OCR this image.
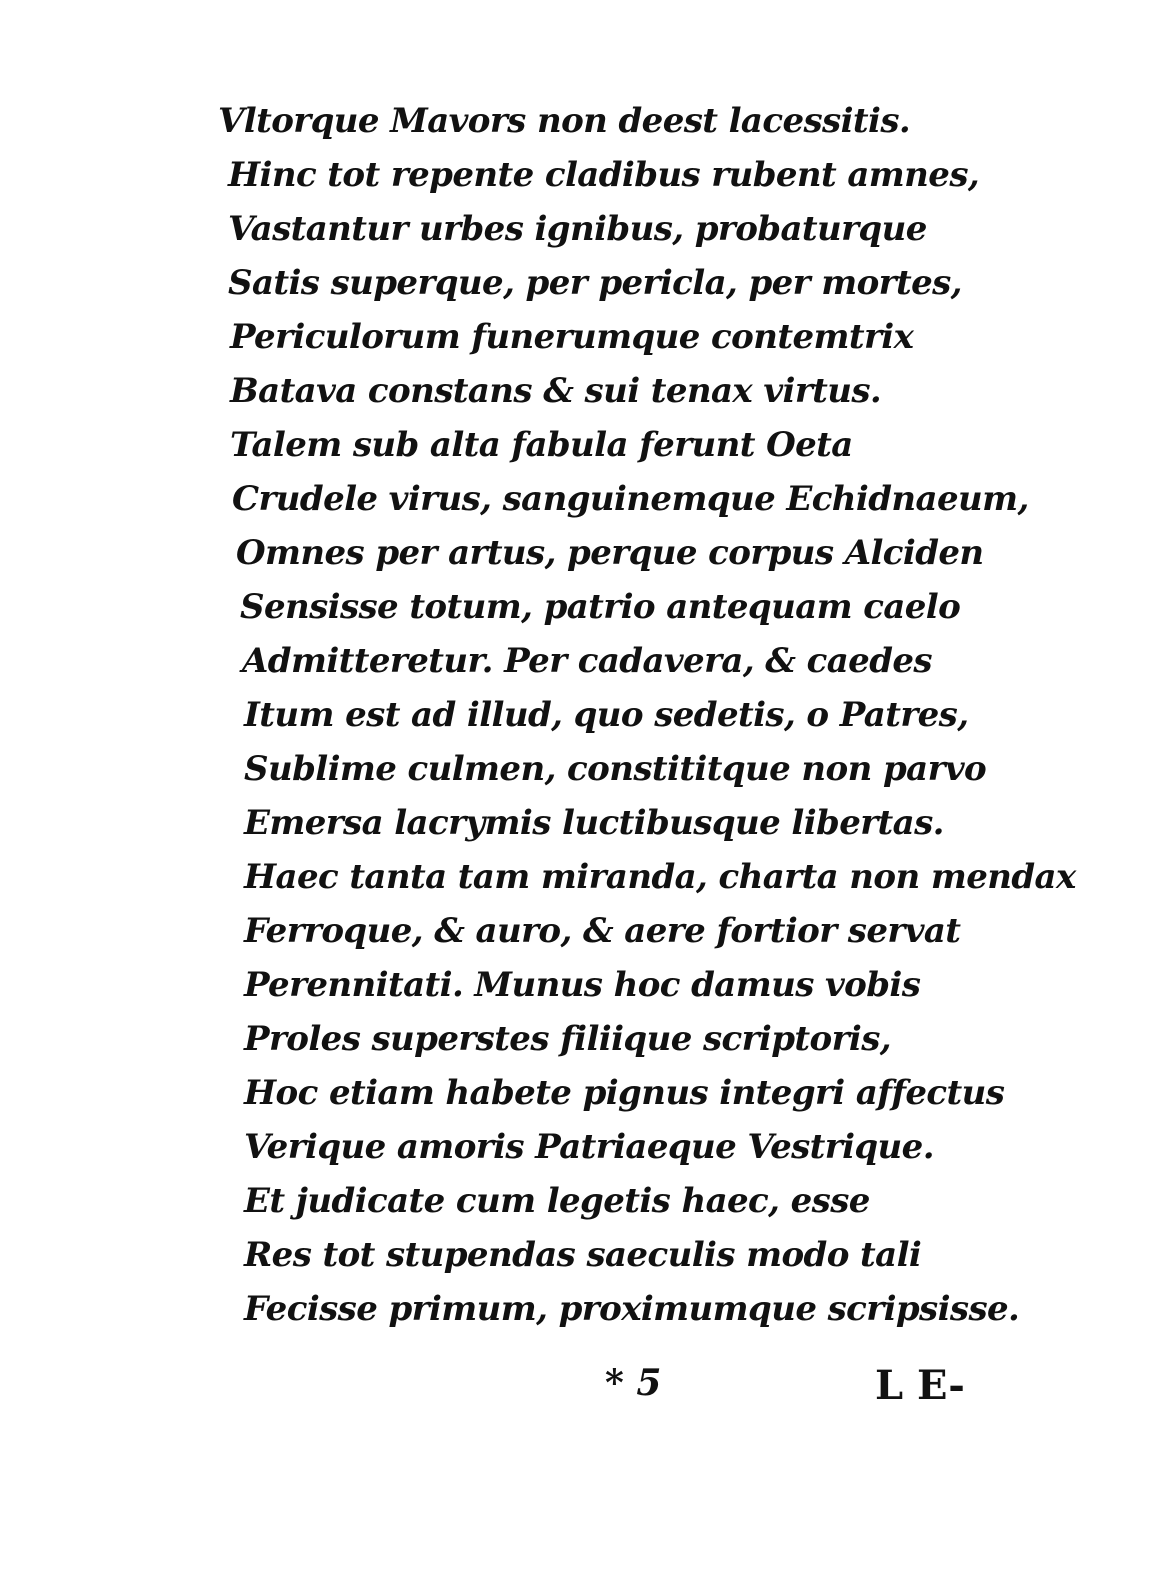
Vltorque Mavors non deest lacessitis.
Hinc tot repente cladibus rubent amnes,
Vastantur urbes ignibus, probaturque
Satis superque, per pericla, per mortes,
Periculorum funerumque contemtrix
Batava constans & sui tenax virtus.
Talem sub alta fabula ferunt Oeta
Crudele virus, sanguinemque Echidnaeum,
Omnes per artus, perque corpus Alciden
Sensisse totum, patrio antequam caelo
Admitteretur. Per cadavera, & caedes
Itum est ad illud, quo sedetis, o Patres,
Sublime culmen, constititque non parvo
Emersa lacrymis luctibusque libertas.
Haec tanta tam miranda, charta non mendax
Ferroque, & auro, & aere fortior servat
Perennitati. Munus hoc damus vobis
Proles superstes filiique scriptoris,
Hoc etiam habete pignus integri affectus
Verique amoris Patriaeque Vestrique.
Et judicate cum legetis haec, esse
Res tot stupendas saeculis modo tali
Fecisse primum, proximumque scripsisse.
* 5	L E-
